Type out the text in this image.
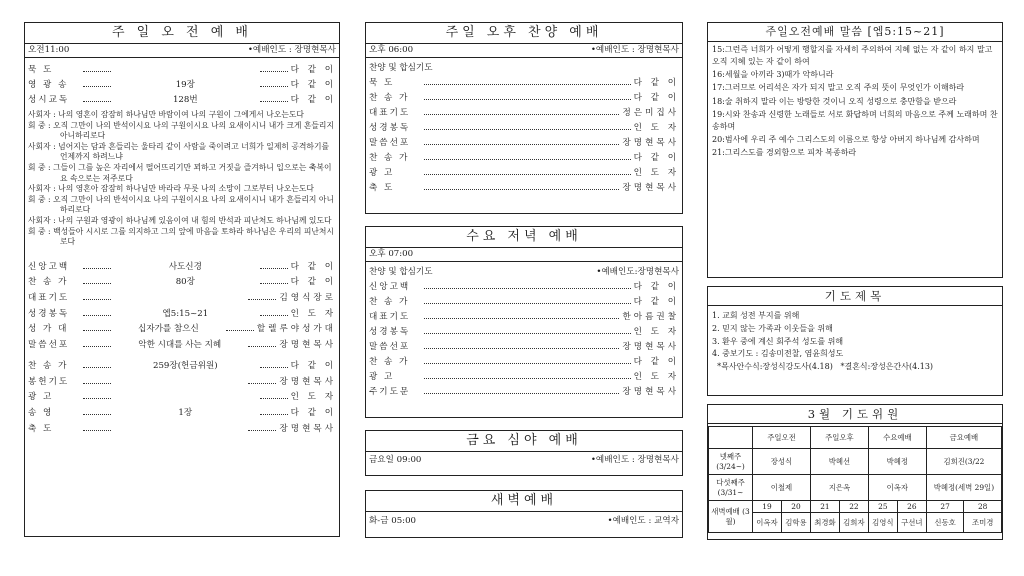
주 일 오 전 예 배
오전11:00	•예배인도 : 장명현목사
묵 도	다 같 이
영 광 송	19장	다 같 이
성시교독	128번	다 같 이
사회자 : 나의 영혼이 잠잠히 하나님만 바람이여 나의 구원이 그에게서 나오는도다
회 중 : 오직 그만이 나의 반석이시요 나의 구원이시요 나의 요새이시니 내가 크게 흔들리지 아니하리로다
사회자 : 넘어지는 담과 흔들리는 울타리 같이 사람을 죽이려고 너희가 일제히 공격하기를 언제까지 하려느냐
회 중 : 그들이 그를 높은 자리에서 떨어뜨리기만 꾀하고 거짓을 즐겨하니 입으로는 축복이요 속으로는 저주로다
사회자 : 나의 영혼아 잠잠히 하나님만 바라라 무릇 나의 소망이 그로부터 나오는도다
회 중 : 오직 그만이 나의 반석이시요 나의 구원이시요 나의 요새이시니 내가 흔들리지 아니하리로다
사회자 : 나의 구원과 영광이 하나님께 있음이여 내 힘의 반석과 피난처도 하나님께 있도다
회 중 : 백성들아 시시로 그를 의지하고 그의 앞에 마음을 토하라 하나님은 우리의 피난처시로다
신앙고백	사도신경	다 같 이
찬 송 가	80장	다 같 이
대표기도	김영식장로
성경봉독	엡5:15~21	인 도 자
성 가 대	십자가를 참으신	할렐루야성가대
말씀선포	악한 시대를 사는 지혜	장명현목사
찬 송 가	259장(헌금위원)	다 같 이
봉헌기도	장명현목사
광 고	인 도 자
송 영	1장	다 같 이
축 도	장명현목사
주일 오후 찬양 예배
오후 06:00	•예배인도 : 장명현목사
찬양 및 합심기도
묵 도	다 같 이
찬 송 가	다 같 이
대표기도	정은미집사
성경봉독	인 도 자
말씀선포	장명현목사
찬 송 가	다 같 이
광 고	인 도 자
축 도	장명현목사
수요 저녁 예배
오후 07:00
찬양 및 합심기도	•예배인도:장명현목사
신앙고백	다 같 이
찬 송 가	다 같 이
대표기도	한아름권찰
성경봉독	인 도 자
말씀선포	장명현목사
찬 송 가	다 같 이
광 고	인 도 자
주기도문	장명현목사
금요 심야 예배
금요일 09:00	•예배인도 : 장명현목사
새벽예배
화-금 05:00	•예배인도 : 교역자
주일오전예배 말씀 [엡5:15~21]
15:그런즉 너희가 어떻게 행할지를 자세히 주의하여 지혜 없는 자 같이 하지 말고 오직 지혜 있는 자 같이 하여
16:세월을 아끼라 3)때가 악하니라
17:그러므로 어리석은 자가 되지 말고 오직 주의 뜻이 무엇인가 이해하라
18:술 취하지 말라 이는 방탕한 것이니 오직 성령으로 충만함을 받으라
19:시와 찬송과 신령한 노래들로 서로 화답하며 너희의 마음으로 주께 노래하며 찬송하며
20:범사에 우리 주 예수 그리스도의 이름으로 항상 아버지 하나님께 감사하며
21:그리스도를 경외함으로 피차 복종하라
기도제목
1. 교회 성전 부지를 위해
2. 믿지 않는 가족과 이웃들을 위해
3. 환우 중에 계신 회주석 성도를 위해
4. 중보기도 : 김송미전찰, 염윤희성도
*목사안수식:장성식강도사(4.18)   *결혼식:장성은간사(4.13)
3월 기도위원
	주일오전		주일오후		수요예배		금요예배	
넷째주 (3/24~)	장성식		박혜선		박혜정		김희진(3/22	
다섯째주 (3/31~	이철제		지은옥		이옥자		박혜정(세벽 29일)	
새벽예배 (3월)	19	20	21	22	25	26	27	28
	이옥자	김학용	최경화	김희자	김영식	구선녀	신동호	조미경
